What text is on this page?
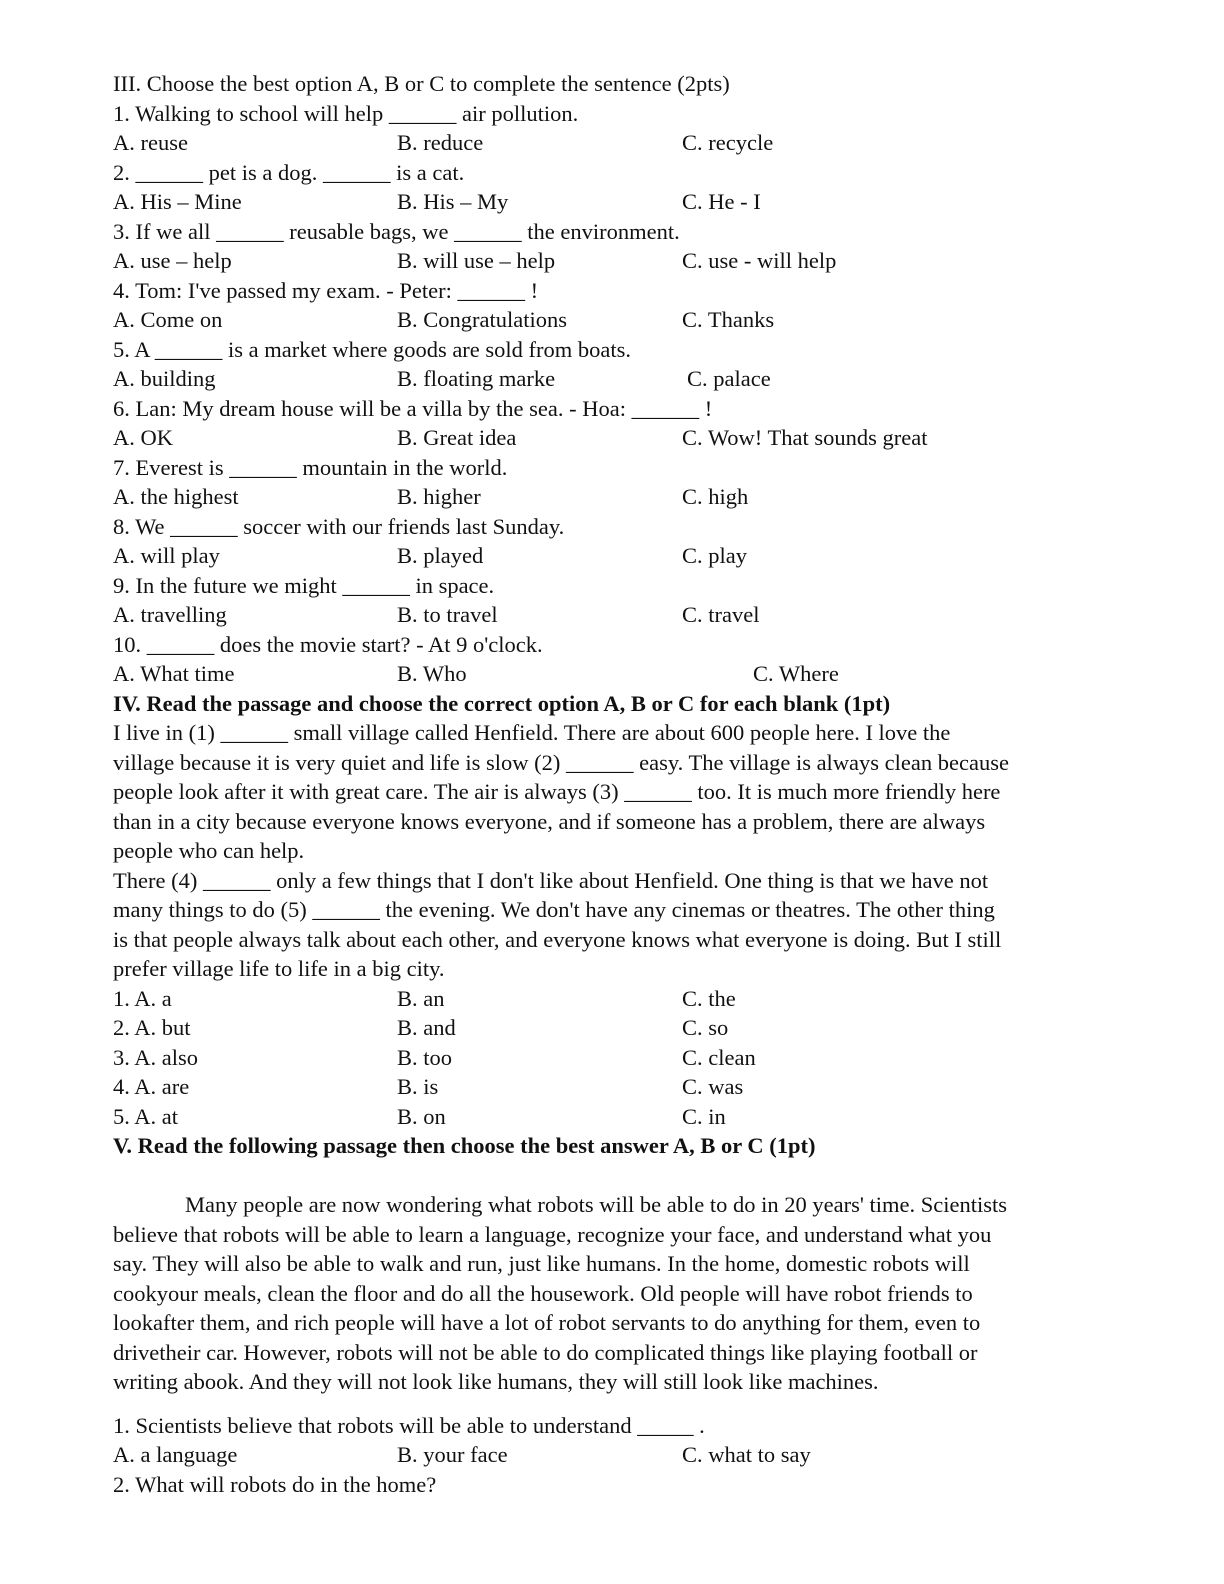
III. Choose the best option A, B or C to complete the sentence (2pts)
1. Walking to school will help ______ air pollution.
A. reuse	B. reduce	C. recycle
2. ______ pet is a dog. ______ is a cat.
A. His – Mine	B. His – My	C. He - I
3. If we all ______ reusable bags, we ______ the environment.
A. use – help	B. will use – help	C. use - will help
4. Tom: I've passed my exam. - Peter: ______ !
A. Come on	B. Congratulations	C. Thanks
5. A ______ is a market where goods are sold from boats.
A. building	B. floating marke	C. palace
6. Lan: My dream house will be a villa by the sea. - Hoa: ______ !
A. OK	B. Great idea	C. Wow! That sounds great
7. Everest is ______ mountain in the world.
A. the highest	B. higher	C. high
8. We ______ soccer with our friends last Sunday.
A. will play	B. played	C. play
9. In the future we might ______ in space.
A. travelling	B. to travel	C. travel
10. ______ does the movie start? - At 9 o'clock.
A. What time	B. Who	C. Where
IV. Read the passage and choose the correct option A, B or C for each blank (1pt)
I live in (1) ______ small village called Henfield. There are about 600 people here. I love the
village because it is very quiet and life is slow (2) ______ easy. The village is always clean because
people look after it with great care. The air is always (3) ______ too. It is much more friendly here
than in a city because everyone knows everyone, and if someone has a problem, there are always
people who can help.
There (4) ______ only a few things that I don't like about Henfield. One thing is that we have not
many things to do (5) ______ the evening. We don't have any cinemas or theatres. The other thing
is that people always talk about each other, and everyone knows what everyone is doing. But I still
prefer village life to life in a big city.
1. A. a	B. an	C. the
2. A. but	B. and	C. so
3. A. also	B. too	C. clean
4. A. are	B. is	C. was
5. A. at	B. on	C. in
V. Read the following passage then choose the best answer A, B or C (1pt)
Many people are now wondering what robots will be able to do in 20 years' time. Scientists
believe that robots will be able to learn a language, recognize your face, and understand what you
say. They will also be able to walk and run, just like humans. In the home, domestic robots will
cookyour meals, clean the floor and do all the housework. Old people will have robot friends to
lookafter them, and rich people will have a lot of robot servants to do anything for them, even to
drivetheir car. However, robots will not be able to do complicated things like playing football or
writing abook. And they will not look like humans, they will still look like machines.
1. Scientists believe that robots will be able to understand _____ .
A. a language	B. your face	C. what to say
2. What will robots do in the home?
